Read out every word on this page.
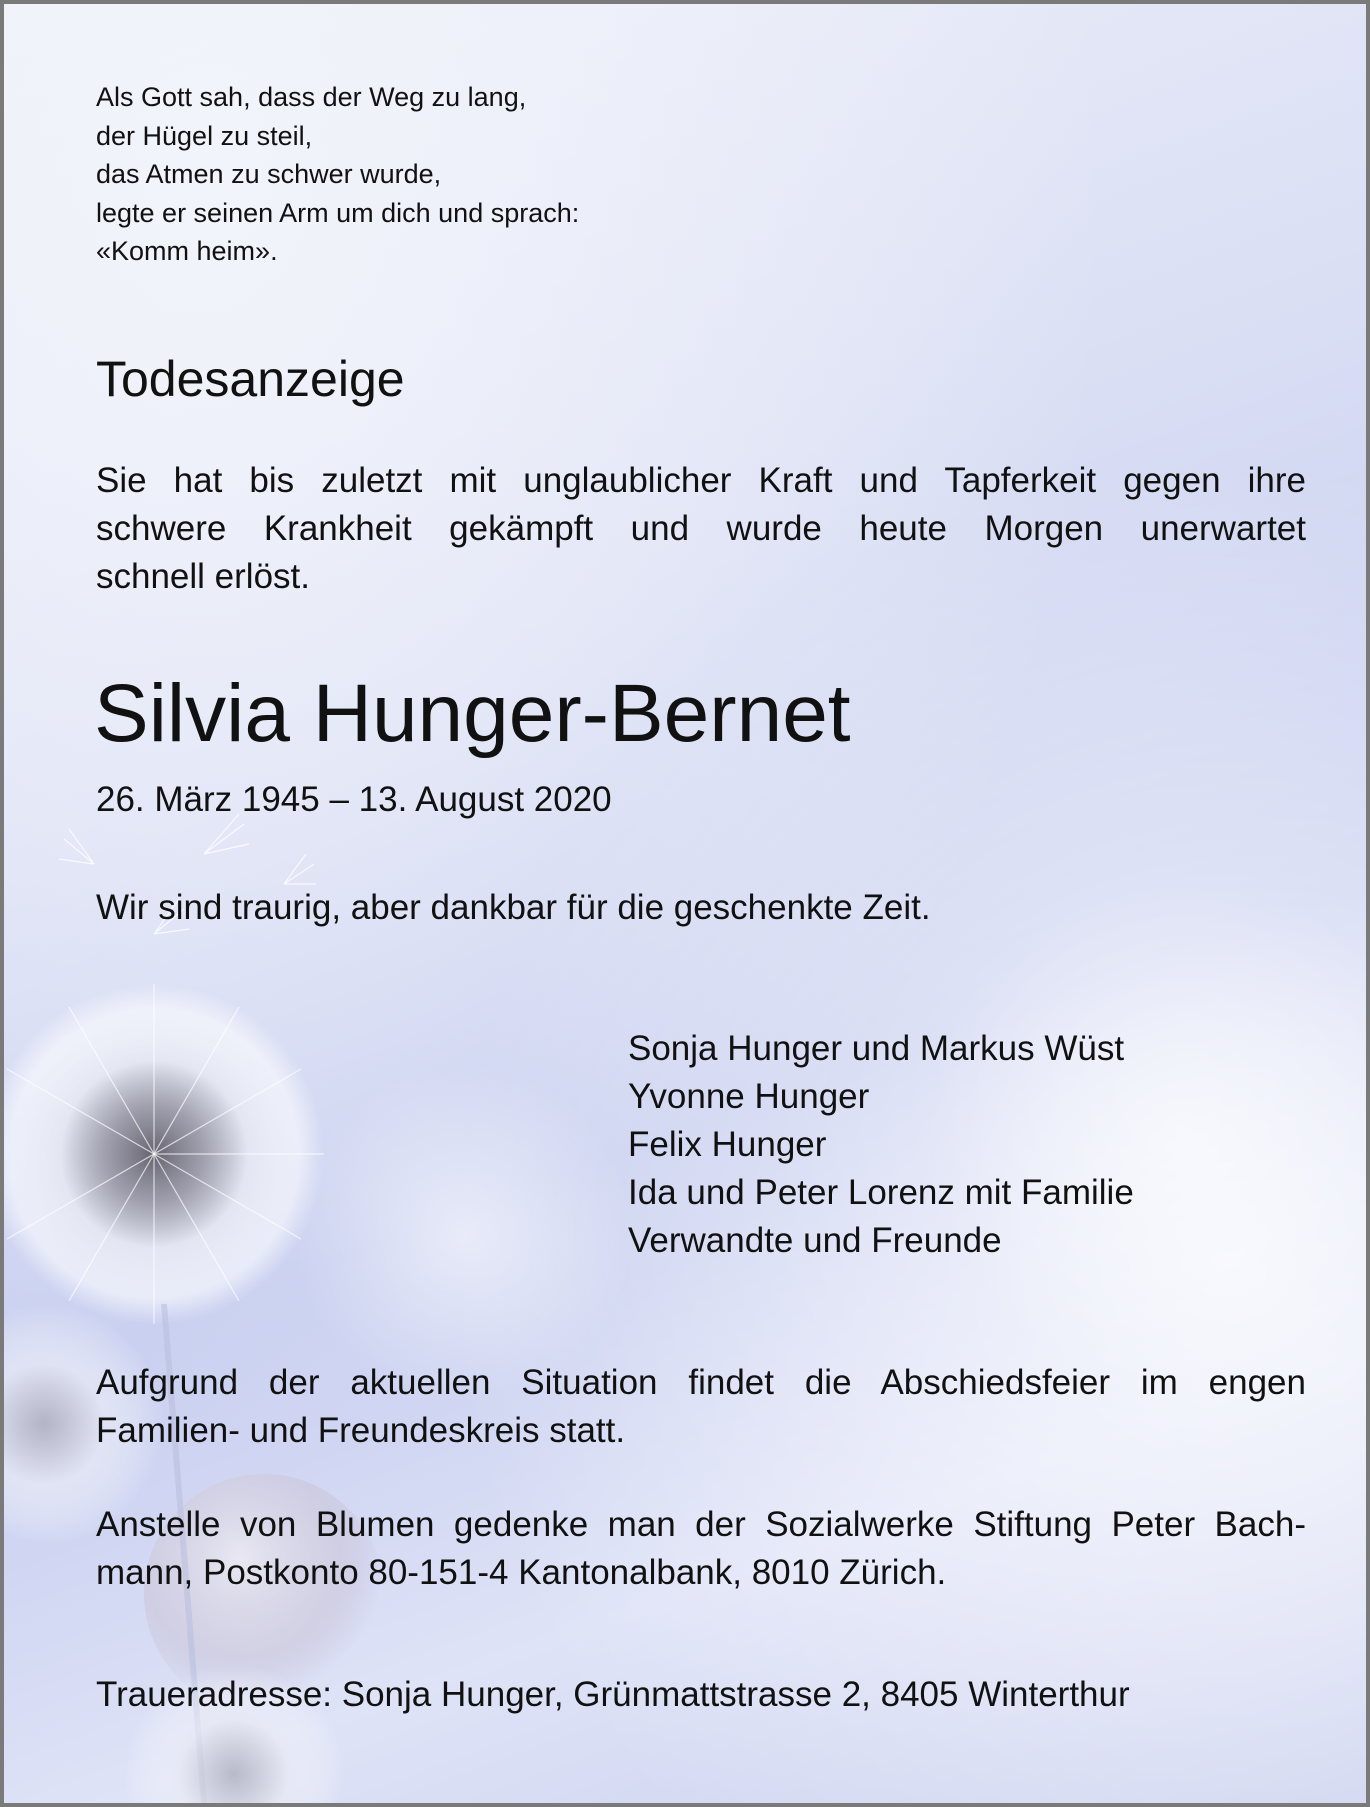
Als Gott sah, dass der Weg zu lang,
der Hügel zu steil,
das Atmen zu schwer wurde,
legte er seinen Arm um dich und sprach:
«Komm heim».
Todesanzeige
Sie hat bis zuletzt mit unglaublicher Kraft und Tapferkeit gegen ihre
schwere Krankheit gekämpft und wurde heute Morgen unerwartet
schnell erlöst.
Silvia Hunger-Bernet
26. März 1945 – 13. August 2020
Wir sind traurig, aber dankbar für die geschenkte Zeit.
Sonja Hunger und Markus Wüst
Yvonne Hunger
Felix Hunger
Ida und Peter Lorenz mit Familie
Verwandte und Freunde
Aufgrund der aktuellen Situation findet die Abschiedsfeier im engen
Familien- und Freundeskreis statt.
Anstelle von Blumen gedenke man der Sozialwerke Stiftung Peter Bach-
mann, Postkonto 80-151-4 Kantonalbank, 8010 Zürich.
Traueradresse: Sonja Hunger, Grünmattstrasse 2, 8405 Winterthur
